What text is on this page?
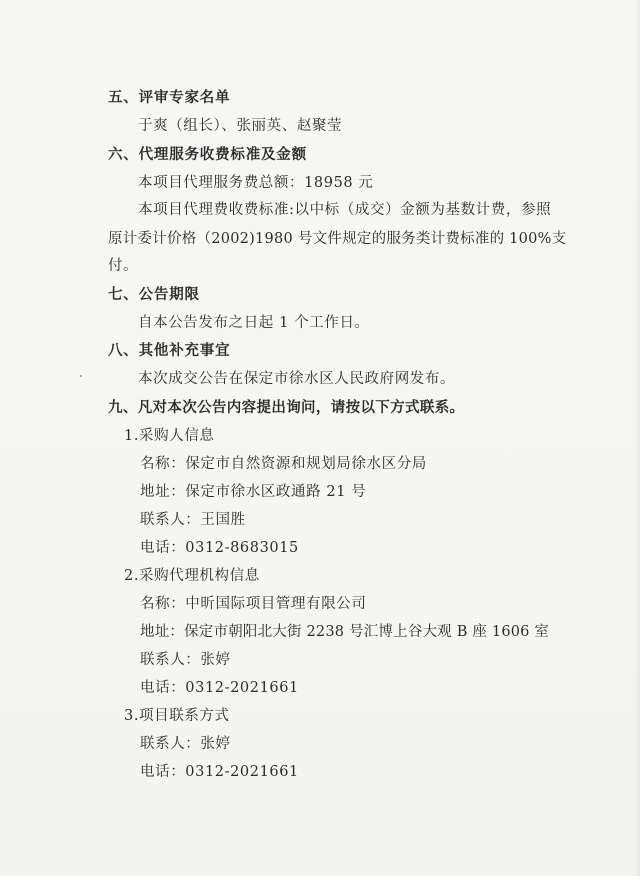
五、评审专家名单
于爽（组长）、张丽英、赵聚莹
六、代理服务收费标准及金额
本项目代理服务费总额：18958 元
本项目代理费收费标准:以中标（成交）金额为基数计费，参照
原计委计价格（2002)1980 号文件规定的服务类计费标准的 100%支
付。
七、公告期限
自本公告发布之日起 1 个工作日。
八、其他补充事宜
本次成交公告在保定市徐水区人民政府网发布。
九、凡对本次公告内容提出询问，请按以下方式联系。
1.采购人信息
名称：保定市自然资源和规划局徐水区分局
地址：保定市徐水区政通路 21 号
联系人：王国胜
电话：0312-8683015
2.采购代理机构信息
名称：中昕国际项目管理有限公司
地址：保定市朝阳北大街 2238 号汇博上谷大观 B 座 1606 室
联系人：张婷
电话：0312-2021661
3.项目联系方式
联系人：张婷
电话：0312-2021661
